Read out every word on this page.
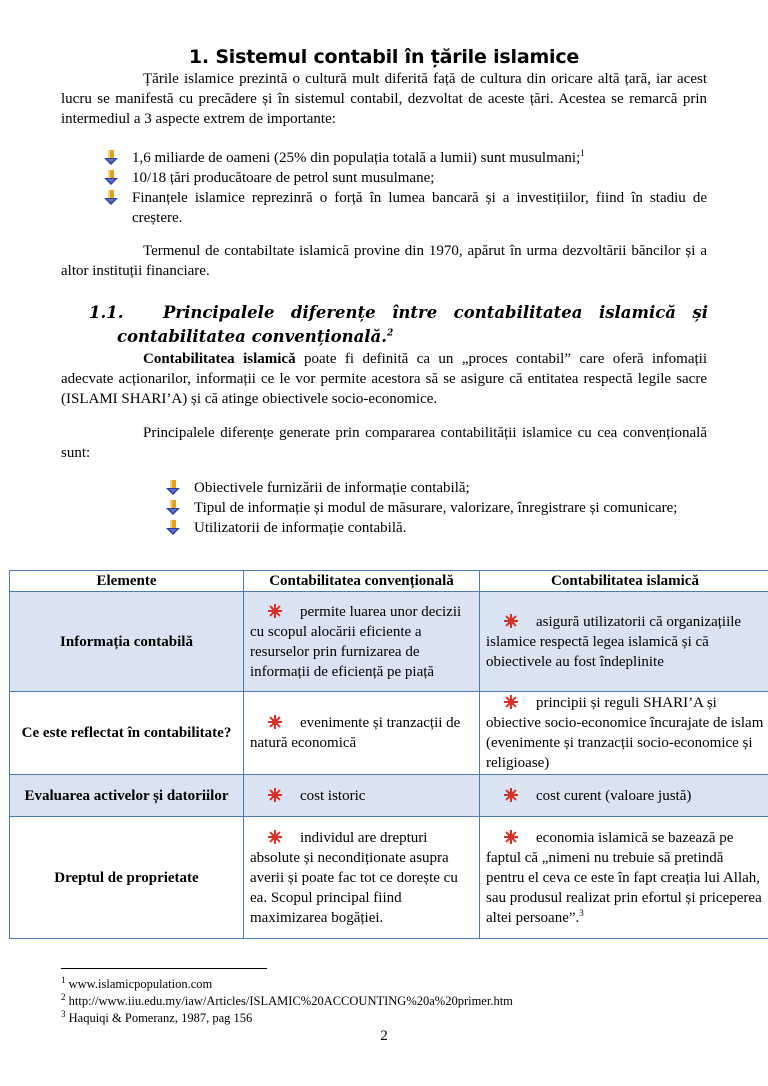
1. Sistemul contabil în țările islamice

Țările islamice prezintă o cultură mult diferită față de cultura din oricare altă țară, iar acest lucru se manifestă cu precădere și în sistemul contabil, dezvoltat de aceste țări. Acestea se remarcă prin intermediul a 3 aspecte extrem de importante:

1,6 miliarde de oameni (25% din populația totală a lumii) sunt musulmani;$^1$
10/18 țări producătoare de petrol sunt musulmane;
Finanțele islamice reprezinră o forță în lumea bancară și a investițiilor, fiind în stadiu de creștere.

Termenul de contabiltate islamică provine din 1970, apărut în urma dezvoltării băncilor și a altor instituții financiare.

1.1.	Principalele diferențe între contabilitatea islamică și
contabilitatea convențională.$^2$

Contabilitatea islamică poate fi definită ca un „proces contabil” care oferă infomații adecvate acționarilor, informații ce le vor permite acestora să se asigure că entitatea respectă legile sacre (ISLAMI SHARI’A) și că atinge obiectivele socio-economice.

Principalele diferențe generate prin compararea contabilității islamice cu cea convențională sunt:

Obiectivele furnizării de informație contabilă;
Tipul de informație și modul de măsurare, valorizare, înregistrare și comunicare;
Utilizatorii de informație contabilă.
Elemente	Contabilitatea convențională	Contabilitatea islamică
Informația contabilă	permite luarea unor decizii cu scopul alocării eficiente a resurselor prin furnizarea de informații de eficiență pe piață	asigură utilizatorii că organizațiile islamice respectă legea islamică și că obiectivele au fost îndeplinite
Ce este reflectat în contabilitate?	evenimente și tranzacții de natură economică	principii și reguli SHARI’A și obiective socio-economice încurajate de islam (evenimente și tranzacții socio-economice și religioase)
Evaluarea activelor și datoriilor	cost istoric	cost curent (valoare justă)
Dreptul de proprietate	individul are drepturi absolute și necondiționate asupra averii și poate fac tot ce dorește cu ea. Scopul principal fiind maximizarea bogăției.	economia islamică se bazează pe faptul că „nimeni nu trebuie să pretindă pentru el ceva ce este în fapt creația lui Allah, sau produsul realizat prin efortul și priceperea altei persoane”.$^3$
$^1$ www.islamicpopulation.com
$^2$ http://www.iiu.edu.my/iaw/Articles/ISLAMIC%20ACCOUNTING%20a%20primer.htm
$^3$ Haquiqi & Pomeranz, 1987, pag 156
2
